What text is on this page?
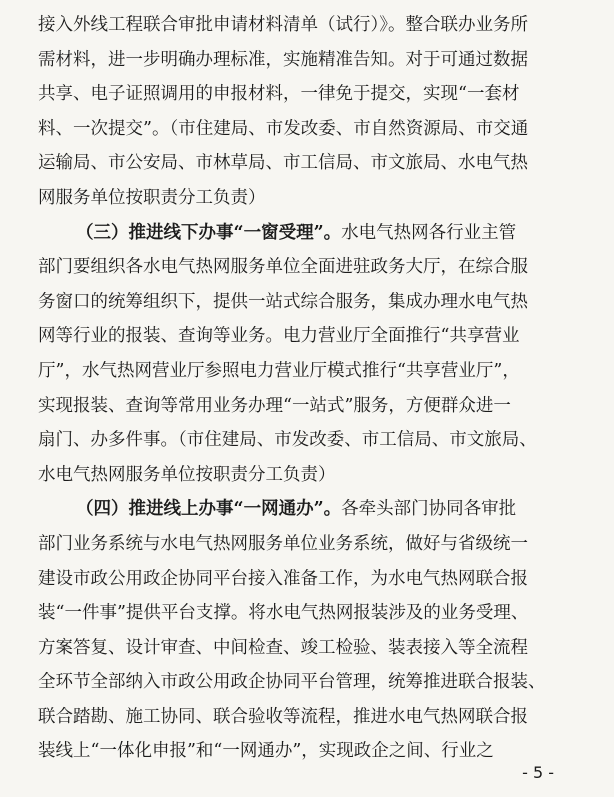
接入外线工程联合审批申请材料清单（试行）》。整合联办业务所
需材料，进一步明确办理标准，实施精准告知。对于可通过数据
共享、电子证照调用的申报材料，一律免于提交，实现“一套材
料、一次提交”。（市住建局、市发改委、市自然资源局、市交通
运输局、市公安局、市林草局、市工信局、市文旅局、水电气热
网服务单位按职责分工负责）
（三）推进线下办事“一窗受理”。水电气热网各行业主管
部门要组织各水电气热网服务单位全面进驻政务大厅，在综合服
务窗口的统筹组织下，提供一站式综合服务，集成办理水电气热
网等行业的报装、查询等业务。电力营业厅全面推行“共享营业
厅”，水气热网营业厅参照电力营业厅模式推行“共享营业厅”，
实现报装、查询等常用业务办理“一站式”服务，方便群众进一
扇门、办多件事。（市住建局、市发改委、市工信局、市文旅局、
水电气热网服务单位按职责分工负责）
（四）推进线上办事“一网通办”。各牵头部门协同各审批
部门业务系统与水电气热网服务单位业务系统，做好与省级统一
建设市政公用政企协同平台接入准备工作，为水电气热网联合报
装“一件事”提供平台支撑。将水电气热网报装涉及的业务受理、
方案答复、设计审查、中间检查、竣工检验、装表接入等全流程
全环节全部纳入市政公用政企协同平台管理，统筹推进联合报装、
联合踏勘、施工协同、联合验收等流程，推进水电气热网联合报
装线上“一体化申报”和“一网通办”，实现政企之间、行业之
- 5 -
